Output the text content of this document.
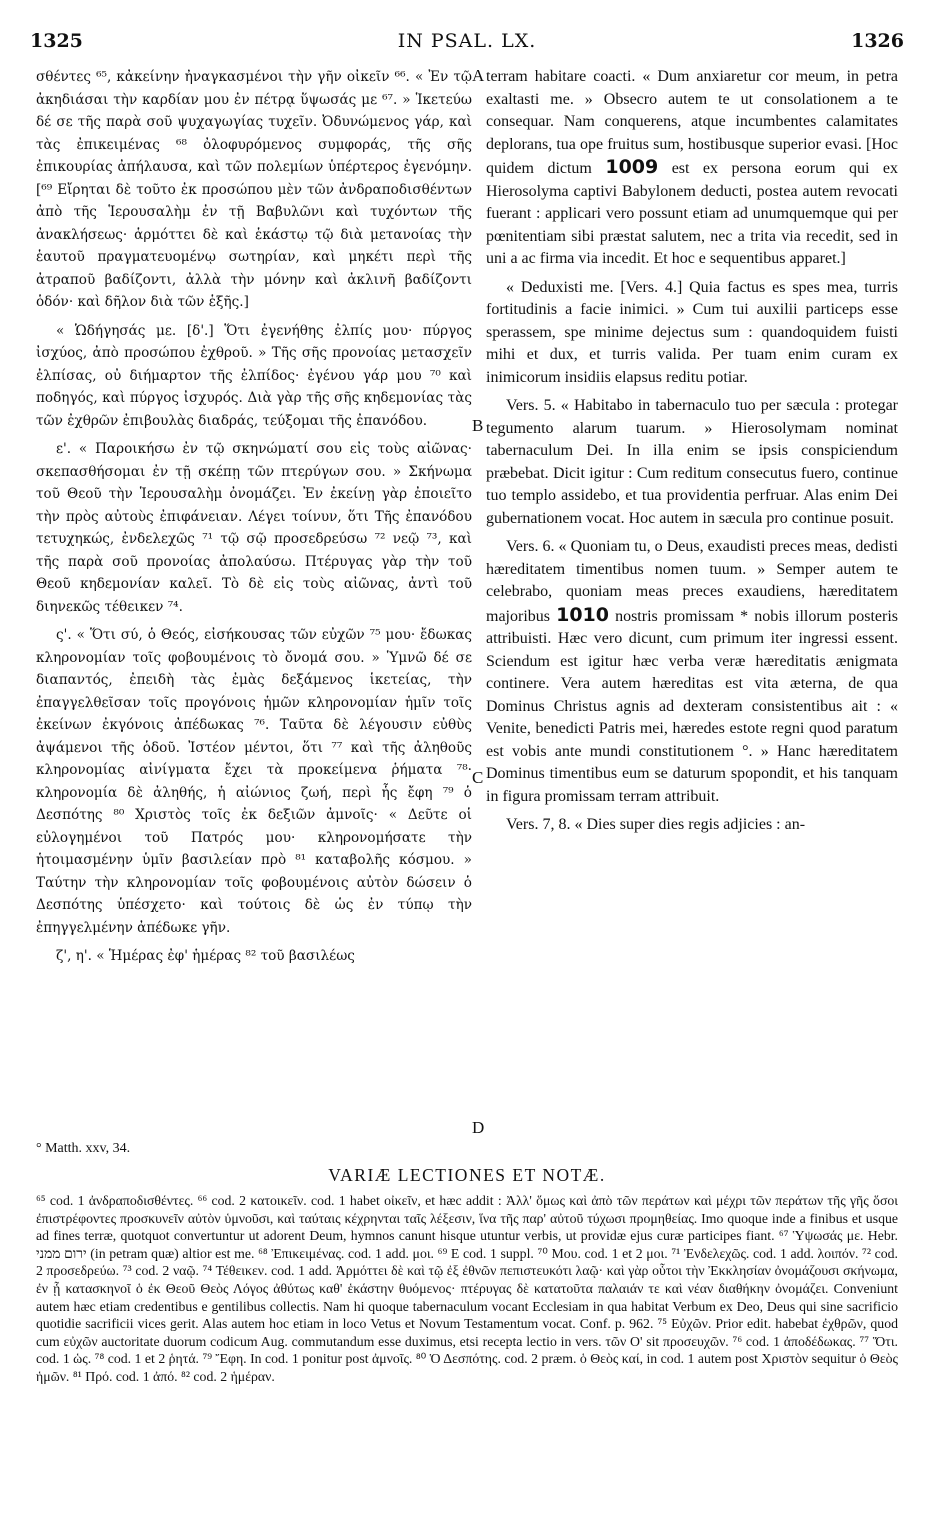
1325	IN PSAL. LX.	1326
A
B
C
D

σθέντες ⁶⁵, κἀκείνην ἠναγκασμένοι τὴν γῆν οἰκεῖν ⁶⁶. « Ἐν τῷ ἀκηδιάσαι τὴν καρδίαν μου ἐν πέτρᾳ ὕψωσάς με ⁶⁷. » Ἱκετεύω δέ σε τῆς παρὰ σοῦ ψυχαγωγίας τυχεῖν. Ὀδυνώμενος γάρ, καὶ τὰς ἐπικειμένας ⁶⁸ ὀλοφυρόμενος συμφοράς, τῆς σῆς ἐπικουρίας ἀπήλαυσα, καὶ τῶν πολεμίων ὑπέρτερος ἐγενόμην. [⁶⁹ Εἴρηται δὲ τοῦτο ἐκ προσώπου μὲν τῶν ἀνδραποδισθέντων ἀπὸ τῆς Ἱερουσαλὴμ ἐν τῇ Βαβυλῶνι καὶ τυχόντων τῆς ἀνακλήσεως· ἁρμόττει δὲ καὶ ἑκάστῳ τῷ διὰ μετανοίας τὴν ἑαυτοῦ πραγματευομένῳ σωτηρίαν, καὶ μηκέτι περὶ τῆς ἀτραποῦ βαδίζοντι, ἀλλὰ τὴν μόνην καὶ ἀκλινῆ βαδίζοντι ὁδόν· καὶ δῆλον διὰ τῶν ἑξῆς.]

« Ὡδήγησάς με. [δ'.] Ὅτι ἐγενήθης ἐλπίς μου· πύργος ἰσχύος, ἀπὸ προσώπου ἐχθροῦ. » Τῆς σῆς προνοίας μετασχεῖν ἐλπίσας, οὐ διήμαρτον τῆς ἐλπίδος· ἐγένου γάρ μου ⁷⁰ καὶ ποδηγός, καὶ πύργος ἰσχυρός. Διὰ γὰρ τῆς σῆς κηδεμονίας τὰς τῶν ἐχθρῶν ἐπιβουλὰς διαδράς, τεύξομαι τῆς ἐπανόδου.

ε'. « Παροικήσω ἐν τῷ σκηνώματί σου εἰς τοὺς αἰῶνας· σκεπασθήσομαι ἐν τῇ σκέπῃ τῶν πτερύγων σου. » Σκήνωμα τοῦ Θεοῦ τὴν Ἱερουσαλὴμ ὀνομάζει. Ἐν ἐκείνῃ γὰρ ἐποιεῖτο τὴν πρὸς αὐτοὺς ἐπιφάνειαν. Λέγει τοίνυν, ὅτι Τῆς ἐπανόδου τετυχηκώς, ἐνδελεχῶς ⁷¹ τῷ σῷ προσεδρεύσω ⁷² νεῷ ⁷³, καὶ τῆς παρὰ σοῦ προνοίας ἀπολαύσω. Πτέρυγας γὰρ τὴν τοῦ Θεοῦ κηδεμονίαν καλεῖ. Τὸ δὲ εἰς τοὺς αἰῶνας, ἀντὶ τοῦ διηνεκῶς τέθεικεν ⁷⁴.

ς'. « Ὅτι σύ, ὁ Θεός, εἰσήκουσας τῶν εὐχῶν ⁷⁵ μου· ἔδωκας κληρονομίαν τοῖς φοβουμένοις τὸ ὄνομά σου. » Ὑμνῶ δέ σε διαπαντός, ἐπειδὴ τὰς ἐμὰς δεξάμενος ἱκετείας, τὴν ἐπαγγελθεῖσαν τοῖς προγόνοις ἡμῶν κληρονομίαν ἡμῖν τοῖς ἐκείνων ἐκγόνοις ἀπέδωκας ⁷⁶. Ταῦτα δὲ λέγουσιν εὐθὺς ἀψάμενοι τῆς ὁδοῦ. Ἰστέον μέντοι, ὅτι ⁷⁷ καὶ τῆς ἀληθοῦς κληρονομίας αἰνίγματα ἔχει τὰ προκείμενα ῥήματα ⁷⁸· κληρονομία δὲ ἀληθής, ἡ αἰώνιος ζωή, περὶ ἧς ἔφη ⁷⁹ ὁ Δεσπότης ⁸⁰ Χριστὸς τοῖς ἐκ δεξιῶν ἀμνοῖς· « Δεῦτε οἱ εὐλογημένοι τοῦ Πατρός μου· κληρονομήσατε τὴν ἡτοιμασμένην ὑμῖν βασιλείαν πρὸ ⁸¹ καταβολῆς κόσμου. » Ταύτην τὴν κληρονομίαν τοῖς φοβουμένοις αὐτὸν δώσειν ὁ Δεσπότης ὑπέσχετο· καὶ τούτοις δὲ ὡς ἐν τύπῳ τὴν ἐπηγγελμένην ἀπέδωκε γῆν.

ζ', η'. « Ἡμέρας ἐφ' ἡμέρας ⁸² τοῦ βασιλέως

terram habitare coacti. « Dum anxiaretur cor meum, in petra exaltasti me. » Obsecro autem te ut consolationem a te consequar. Nam conquerens, atque incumbentes calamitates deplorans, tua ope fruitus sum, hostibusque superior evasi. [Hoc quidem dictum 1009 est ex persona eorum qui ex Hierosolyma captivi Babylonem deducti, postea autem revocati fuerant : applicari vero possunt etiam ad unumquemque qui per pœnitentiam sibi præstat salutem, nec a trita via recedit, sed in uni a ac firma via incedit. Et hoc e sequentibus apparet.]

« Deduxisti me. [Vers. 4.] Quia factus es spes mea, turris fortitudinis a facie inimici. » Cum tui auxilii particeps esse sperassem, spe minime dejectus sum : quandoquidem fuisti mihi et dux, et turris valida. Per tuam enim curam ex inimicorum insidiis elapsus reditu potiar.

Vers. 5. « Habitabo in tabernaculo tuo per sæcula : protegar tegumento alarum tuarum. » Hierosolymam nominat tabernaculum Dei. In illa enim se ipsis conspiciendum præbebat. Dicit igitur : Cum reditum consecutus fuero, continue tuo templo assidebo, et tua providentia perfruar. Alas enim Dei gubernationem vocat. Hoc autem in sæcula pro continue posuit.

Vers. 6. « Quoniam tu, o Deus, exaudisti preces meas, dedisti hæreditatem timentibus nomen tuum. » Semper autem te celebrabo, quoniam meas preces exaudiens, hæreditatem majoribus 1010 nostris promissam * nobis illorum posteris attribuisti. Hæc vero dicunt, cum primum iter ingressi essent. Sciendum est igitur hæc verba veræ hæreditatis ænigmata continere. Vera autem hæreditas est vita æterna, de qua Dominus Christus agnis ad dexteram consistentibus ait : « Venite, benedicti Patris mei, hæredes estote regni quod paratum est vobis ante mundi constitutionem °. » Hanc hæreditatem Dominus timentibus eum se daturum spopondit, et his tanquam in figura promissam terram attribuit.

Vers. 7, 8. « Dies super dies regis adjicies : an-

° Matth. xxv, 34.
VARIÆ LECTIONES ET NOTÆ.

⁶⁵ cod. 1 ἀνδραποδισθέντες. ⁶⁶ cod. 2 κατοικεῖν. cod. 1 habet οἰκεῖν, et hæc addit : Ἀλλ' ὅμως καὶ ἀπὸ τῶν περάτων καὶ μέχρι τῶν περάτων τῆς γῆς ὅσοι ἐπιστρέφοντες προσκυνεῖν αὐτὸν ὑμνοῦσι, καὶ ταύταις κέχρηνται ταῖς λέξεσιν, ἵνα τῆς παρ' αὐτοῦ τύχωσι προμηθείας. Imo quoque inde a finibus et usque ad fines terræ, quotquot convertuntur ut adorent Deum, hymnos canunt hisque utuntur verbis, ut providæ ejus curæ participes fiant. ⁶⁷ Ὑψωσάς με. Hebr. ירום ממני (in petram quæ) altior est me. ⁶⁸ Ἐπικειμένας. cod. 1 add. μοι. ⁶⁹ E cod. 1 suppl. ⁷⁰ Μου. cod. 1 et 2 μοι. ⁷¹ Ἐνδελεχῶς. cod. 1 add. λοιπόν. ⁷² cod. 2 προσεδρεύω. ⁷³ cod. 2 ναῷ. ⁷⁴ Τέθεικεν. cod. 1 add. Ἁρμόττει δὲ καὶ τῷ ἐξ ἐθνῶν πεπιστευκότι λαῷ· καὶ γὰρ οὗτοι τὴν Ἐκκλησίαν ὀνομάζουσι σκήνωμα, ἐν ᾗ κατασκηνοῖ ὁ ἐκ Θεοῦ Θεὸς Λόγος ἀθύτως καθ' ἑκάστην θυόμενος· πτέρυγας δὲ κατατοῦτα παλαιάν τε καὶ νέαν διαθήκην ὀνομάζει. Conveniunt autem hæc etiam credentibus e gentilibus collectis. Nam hi quoque tabernaculum vocant Ecclesiam in qua habitat Verbum ex Deo, Deus qui sine sacrificio quotidie sacrificii vices gerit. Alas autem hoc etiam in loco Vetus et Novum Testamentum vocat. Conf. p. 962. ⁷⁵ Εὐχῶν. Prior edit. habebat ἐχθρῶν, quod cum εὐχῶν auctoritate duorum codicum Aug. commutandum esse duximus, etsi recepta lectio in vers. τῶν Ο' sit προσευχῶν. ⁷⁶ cod. 1 ἀποδέδωκας. ⁷⁷ Ὅτι. cod. 1 ὡς. ⁷⁸ cod. 1 et 2 ῥητά. ⁷⁹ Ἔφη. In cod. 1 ponitur post ἀμνοῖς. ⁸⁰ Ὁ Δεσπότης. cod. 2 præm. ὁ Θεὸς καί, in cod. 1 autem post Χριστὸν sequitur ὁ Θεὸς ἡμῶν. ⁸¹ Πρό. cod. 1 ἀπό. ⁸² cod. 2 ἡμέραν.
